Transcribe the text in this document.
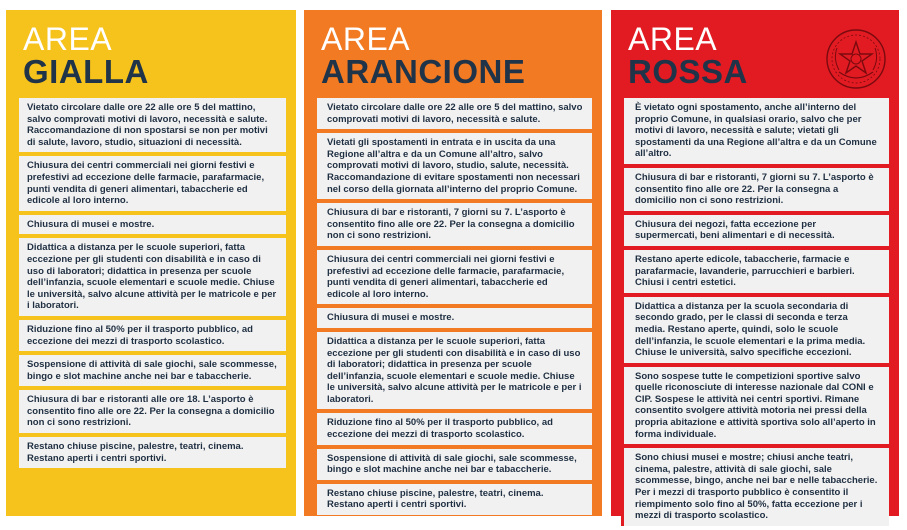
AREA
GIALLA
Vietato circolare dalle ore 22 alle ore 5 del mattino, salvo comprovati motivi di lavoro, necessità e salute. Raccomandazione di non spostarsi se non per motivi di salute, lavoro, studio, situazioni di necessità.
Chiusura dei centri commerciali nei giorni festivi e prefestivi ad eccezione delle farmacie, parafarmacie, punti vendita di generi alimentari, tabaccherie ed edicole al loro interno.
Chiusura di musei e mostre.
Didattica a distanza per le scuole superiori, fatta eccezione per gli studenti con disabilità e in caso di uso di laboratori; didattica in presenza per scuole dell’infanzia, scuole elementari e scuole medie. Chiuse le università, salvo alcune attività per le matricole e per i laboratori.
Riduzione fino al 50% per il trasporto pubblico, ad eccezione dei mezzi di trasporto scolastico.
Sospensione di attività di sale giochi, sale scommesse, bingo e slot machine anche nei bar e tabaccherie.
Chiusura di bar e ristoranti alle ore 18. L’asporto è consentito fino alle ore 22. Per la consegna a domicilio non ci sono restrizioni.
Restano chiuse piscine, palestre, teatri, cinema. Restano aperti i centri sportivi.
AREA
ARANCIONE
Vietato circolare dalle ore 22 alle ore 5 del mattino, salvo comprovati motivi di lavoro, necessità e salute.
Vietati gli spostamenti in entrata e in uscita da una Regione all’altra e da un Comune all’altro, salvo comprovati motivi di lavoro, studio, salute, necessità. Raccomandazione di evitare spostamenti non necessari nel corso della giornata all’interno del proprio Comune.
Chiusura di bar e ristoranti, 7 giorni su 7. L’asporto è consentito fino alle ore 22. Per la consegna a domicilio non ci sono restrizioni.
Chiusura dei centri commerciali nei giorni festivi e prefestivi ad eccezione delle farmacie, parafarmacie, punti vendita di generi alimentari, tabaccherie ed edicole al loro interno.
Chiusura di musei e mostre.
Didattica a distanza per le scuole superiori, fatta eccezione per gli studenti con disabilità e in caso di uso di laboratori; didattica in presenza per scuole dell’infanzia, scuole elementari e scuole medie. Chiuse le università, salvo alcune attività per le matricole e per i laboratori.
Riduzione fino al 50% per il trasporto pubblico, ad eccezione dei mezzi di trasporto scolastico.
Sospensione di attività di sale giochi, sale scommesse, bingo e slot machine anche nei bar e tabaccherie.
Restano chiuse piscine, palestre, teatri, cinema. Restano aperti i centri sportivi.
AREA
ROSSA
È vietato ogni spostamento, anche all’interno del proprio Comune, in qualsiasi orario, salvo che per motivi di lavoro, necessità e salute; vietati gli spostamenti da una Regione all’altra e da un Comune all’altro.
Chiusura di bar e ristoranti, 7 giorni su 7. L’asporto è consentito fino alle ore 22. Per la consegna a domicilio non ci sono restrizioni.
Chiusura dei negozi, fatta eccezione per supermercati, beni alimentari e di necessità.
Restano aperte edicole, tabaccherie, farmacie e parafarmacie, lavanderie, parrucchieri e barbieri. Chiusi i centri estetici.
Didattica a distanza per la scuola secondaria di secondo grado, per le classi di seconda e terza media. Restano aperte, quindi, solo le scuole dell’infanzia, le scuole elementari e la prima media. Chiuse le università, salvo specifiche eccezioni.
Sono sospese tutte le competizioni sportive salvo quelle riconosciute di interesse nazionale dal CONI e CIP. Sospese le attività nei centri sportivi. Rimane consentito svolgere attività motoria nei pressi della propria abitazione e attività sportiva solo all’aperto in forma individuale.
Sono chiusi musei e mostre; chiusi anche teatri, cinema, palestre, attività di sale giochi, sale scommesse, bingo, anche nei bar e nelle tabaccherie. Per i mezzi di trasporto pubblico è consentito il riempimento solo fino al 50%, fatta eccezione per i mezzi di trasporto scolastico.
